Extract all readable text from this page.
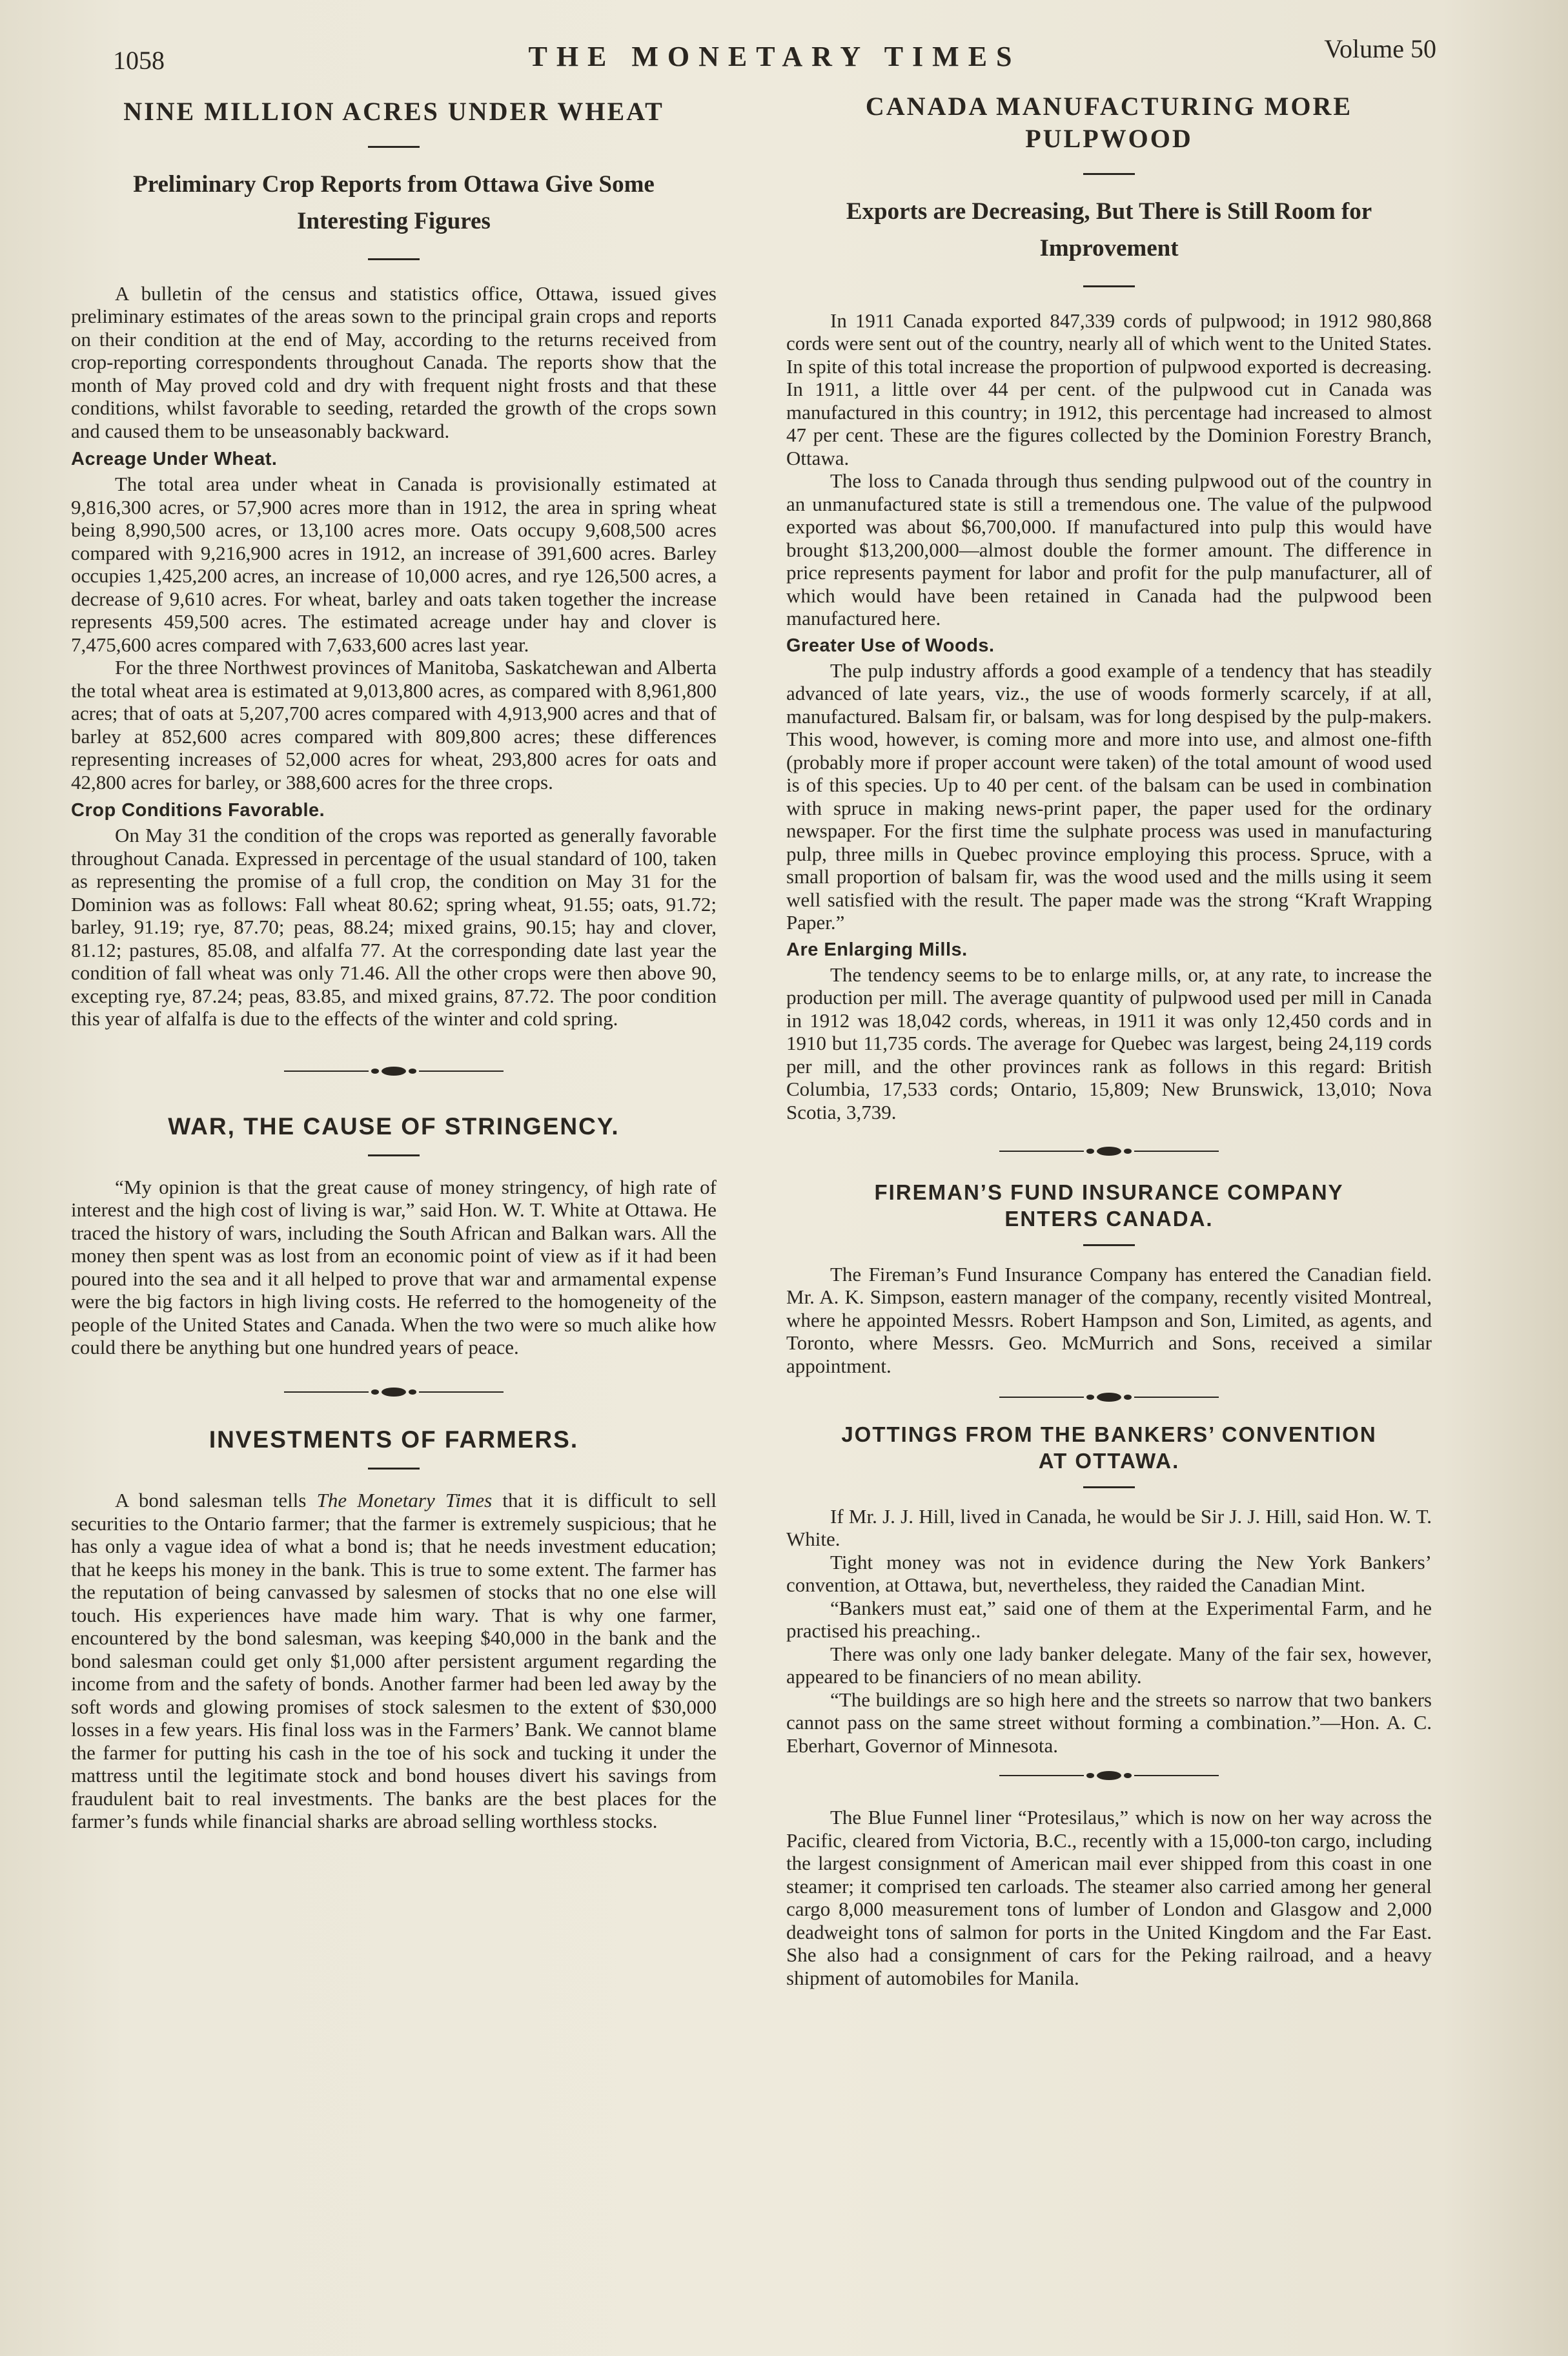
1058	THE MONETARY TIMES	Volume 50
NINE MILLION ACRES UNDER WHEAT
Preliminary Crop Reports from Ottawa Give Some Interesting Figures

A bulletin of the census and statistics office, Ottawa, issued gives preliminary estimates of the areas sown to the principal grain crops and reports on their condition at the end of May, according to the returns received from crop-reporting correspondents throughout Canada. The reports show that the month of May proved cold and dry with frequent night frosts and that these conditions, whilst favorable to seeding, retarded the growth of the crops sown and caused them to be unseasonably backward.

Acreage Under Wheat.

The total area under wheat in Canada is provisionally estimated at 9,816,300 acres, or 57,900 acres more than in 1912, the area in spring wheat being 8,990,500 acres, or 13,100 acres more. Oats occupy 9,608,500 acres compared with 9,216,900 acres in 1912, an increase of 391,600 acres. Barley occupies 1,425,200 acres, an increase of 10,000 acres, and rye 126,500 acres, a decrease of 9,610 acres. For wheat, barley and oats taken together the increase represents 459,500 acres. The estimated acreage under hay and clover is 7,475,600 acres compared with 7,633,600 acres last year.

For the three Northwest provinces of Manitoba, Saskatchewan and Alberta the total wheat area is estimated at 9,013,800 acres, as compared with 8,961,800 acres; that of oats at 5,207,700 acres compared with 4,913,900 acres and that of barley at 852,600 acres compared with 809,800 acres; these differences representing increases of 52,000 acres for wheat, 293,800 acres for oats and 42,800 acres for barley, or 388,600 acres for the three crops.

Crop Conditions Favorable.

On May 31 the condition of the crops was reported as generally favorable throughout Canada. Expressed in percentage of the usual standard of 100, taken as representing the promise of a full crop, the condition on May 31 for the Dominion was as follows: Fall wheat 80.62; spring wheat, 91.55; oats, 91.72; barley, 91.19; rye, 87.70; peas, 88.24; mixed grains, 90.15; hay and clover, 81.12; pastures, 85.08, and alfalfa 77. At the corresponding date last year the condition of fall wheat was only 71.46. All the other crops were then above 90, excepting rye, 87.24; peas, 83.85, and mixed grains, 87.72. The poor condition this year of alfalfa is due to the effects of the winter and cold spring.

WAR, THE CAUSE OF STRINGENCY.

“My opinion is that the great cause of money stringency, of high rate of interest and the high cost of living is war,” said Hon. W. T. White at Ottawa. He traced the history of wars, including the South African and Balkan wars. All the money then spent was as lost from an economic point of view as if it had been poured into the sea and it all helped to prove that war and armamental expense were the big factors in high living costs. He referred to the homogeneity of the people of the United States and Canada. When the two were so much alike how could there be anything but one hundred years of peace.

INVESTMENTS OF FARMERS.

A bond salesman tells The Monetary Times that it is difficult to sell securities to the Ontario farmer; that the farmer is extremely suspicious; that he has only a vague idea of what a bond is; that he needs investment education; that he keeps his money in the bank. This is true to some extent. The farmer has the reputation of being canvassed by salesmen of stocks that no one else will touch. His experiences have made him wary. That is why one farmer, encountered by the bond salesman, was keeping $40,000 in the bank and the bond salesman could get only $1,000 after persistent argument regarding the income from and the safety of bonds. Another farmer had been led away by the soft words and glowing promises of stock salesmen to the extent of $30,000 losses in a few years. His final loss was in the Farmers’ Bank. We cannot blame the farmer for putting his cash in the toe of his sock and tucking it under the mattress until the legitimate stock and bond houses divert his savings from fraudulent bait to real investments. The banks are the best places for the farmer’s funds while financial sharks are abroad selling worthless stocks.

CANADA MANUFACTURING MORE PULPWOOD
Exports are Decreasing, But There is Still Room for Improvement

In 1911 Canada exported 847,339 cords of pulpwood; in 1912 980,868 cords were sent out of the country, nearly all of which went to the United States. In spite of this total increase the proportion of pulpwood exported is decreasing. In 1911, a little over 44 per cent. of the pulpwood cut in Canada was manufactured in this country; in 1912, this percentage had increased to almost 47 per cent. These are the figures collected by the Dominion Forestry Branch, Ottawa.

The loss to Canada through thus sending pulpwood out of the country in an unmanufactured state is still a tremendous one. The value of the pulpwood exported was about $6,700,000. If manufactured into pulp this would have brought $13,200,000—almost double the former amount. The difference in price represents payment for labor and profit for the pulp manufacturer, all of which would have been retained in Canada had the pulpwood been manufactured here.

Greater Use of Woods.

The pulp industry affords a good example of a tendency that has steadily advanced of late years, viz., the use of woods formerly scarcely, if at all, manufactured. Balsam fir, or balsam, was for long despised by the pulp-makers. This wood, however, is coming more and more into use, and almost one-fifth (probably more if proper account were taken) of the total amount of wood used is of this species. Up to 40 per cent. of the balsam can be used in combination with spruce in making news-print paper, the paper used for the ordinary newspaper. For the first time the sulphate process was used in manufacturing pulp, three mills in Quebec province employing this process. Spruce, with a small proportion of balsam fir, was the wood used and the mills using it seem well satisfied with the result. The paper made was the strong “Kraft Wrapping Paper.”

Are Enlarging Mills.

The tendency seems to be to enlarge mills, or, at any rate, to increase the production per mill. The average quantity of pulpwood used per mill in Canada in 1912 was 18,042 cords, whereas, in 1911 it was only 12,450 cords and in 1910 but 11,735 cords. The average for Quebec was largest, being 24,119 cords per mill, and the other provinces rank as follows in this regard: British Columbia, 17,533 cords; Ontario, 15,809; New Brunswick, 13,010; Nova Scotia, 3,739.

FIREMAN’S FUND INSURANCE COMPANY ENTERS CANADA.

The Fireman’s Fund Insurance Company has entered the Canadian field. Mr. A. K. Simpson, eastern manager of the company, recently visited Montreal, where he appointed Messrs. Robert Hampson and Son, Limited, as agents, and Toronto, where Messrs. Geo. McMurrich and Sons, received a similar appointment.

JOTTINGS FROM THE BANKERS’ CONVENTION AT OTTAWA.

If Mr. J. J. Hill, lived in Canada, he would be Sir J. J. Hill, said Hon. W. T. White.

Tight money was not in evidence during the New York Bankers’ convention, at Ottawa, but, nevertheless, they raided the Canadian Mint.

“Bankers must eat,” said one of them at the Experimental Farm, and he practised his preaching..

There was only one lady banker delegate. Many of the fair sex, however, appeared to be financiers of no mean ability.

“The buildings are so high here and the streets so narrow that two bankers cannot pass on the same street without forming a combination.”—Hon. A. C. Eberhart, Governor of Minnesota.

The Blue Funnel liner “Protesilaus,” which is now on her way across the Pacific, cleared from Victoria, B.C., recently with a 15,000-ton cargo, including the largest consignment of American mail ever shipped from this coast in one steamer; it comprised ten carloads. The steamer also carried among her general cargo 8,000 measurement tons of lumber of London and Glasgow and 2,000 deadweight tons of salmon for ports in the United Kingdom and the Far East. She also had a consignment of cars for the Peking railroad, and a heavy shipment of automobiles for Manila.
